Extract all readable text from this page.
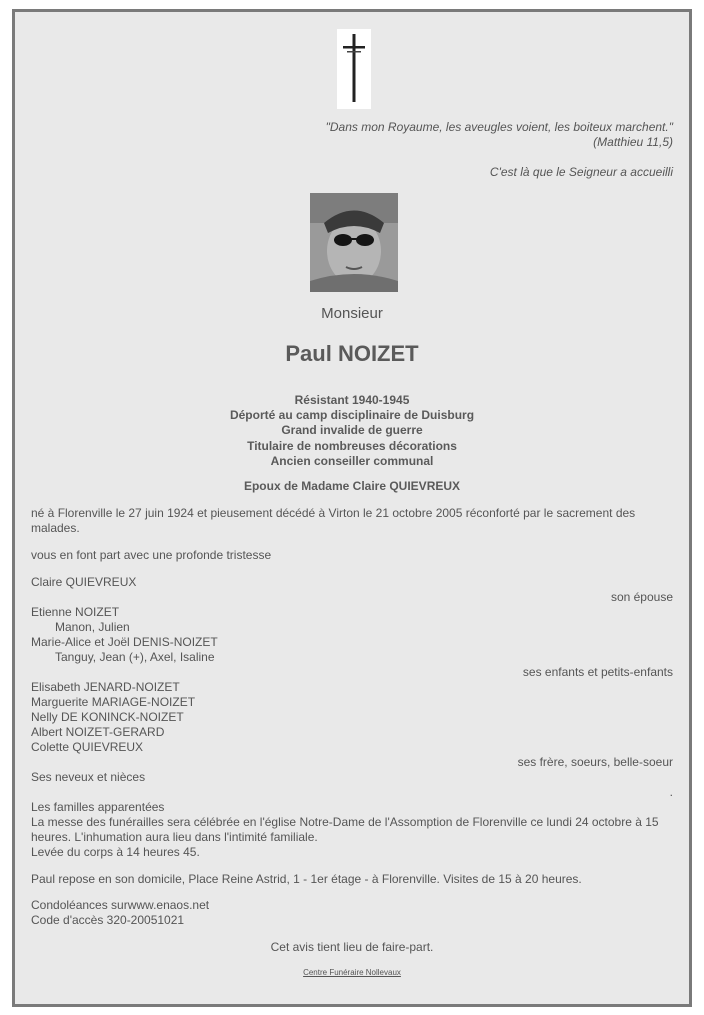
"Dans mon Royaume, les aveugles voient, les boiteux marchent."
(Matthieu 11,5)
C'est là que le Seigneur a accueilli
Monsieur
Paul NOIZET
Résistant 1940-1945
Déporté au camp disciplinaire de Duisburg
Grand invalide de guerre
Titulaire de nombreuses décorations
Ancien conseiller communal
Epoux de Madame Claire QUIEVREUX
né à Florenville le 27 juin 1924 et pieusement décédé à Virton le 21 octobre 2005 réconforté par le sacrement des malades.
vous en font part avec une profonde tristesse
Claire QUIEVREUX
son épouse
Etienne NOIZET
Manon, Julien
Marie-Alice et Joël DENIS-NOIZET
Tanguy, Jean (+), Axel, Isaline
ses enfants et petits-enfants
Elisabeth JENARD-NOIZET
Marguerite MARIAGE-NOIZET
Nelly DE KONINCK-NOIZET
Albert NOIZET-GERARD
Colette QUIEVREUX
ses frère, soeurs, belle-soeur
Ses neveux et nièces
.
Les familles apparentées
La messe des funérailles sera célébrée en l'église Notre-Dame de l'Assomption de Florenville ce lundi 24 octobre à 15 heures. L'inhumation aura lieu dans l'intimité familiale.
Levée du corps à 14 heures 45.
Paul repose en son domicile, Place Reine Astrid, 1 - 1er étage - à Florenville. Visites de 15 à 20 heures.
Condoléances surwww.enaos.net
Code d'accès 320-20051021
Cet avis tient lieu de faire-part.
Centre Funéraire Nollevaux
